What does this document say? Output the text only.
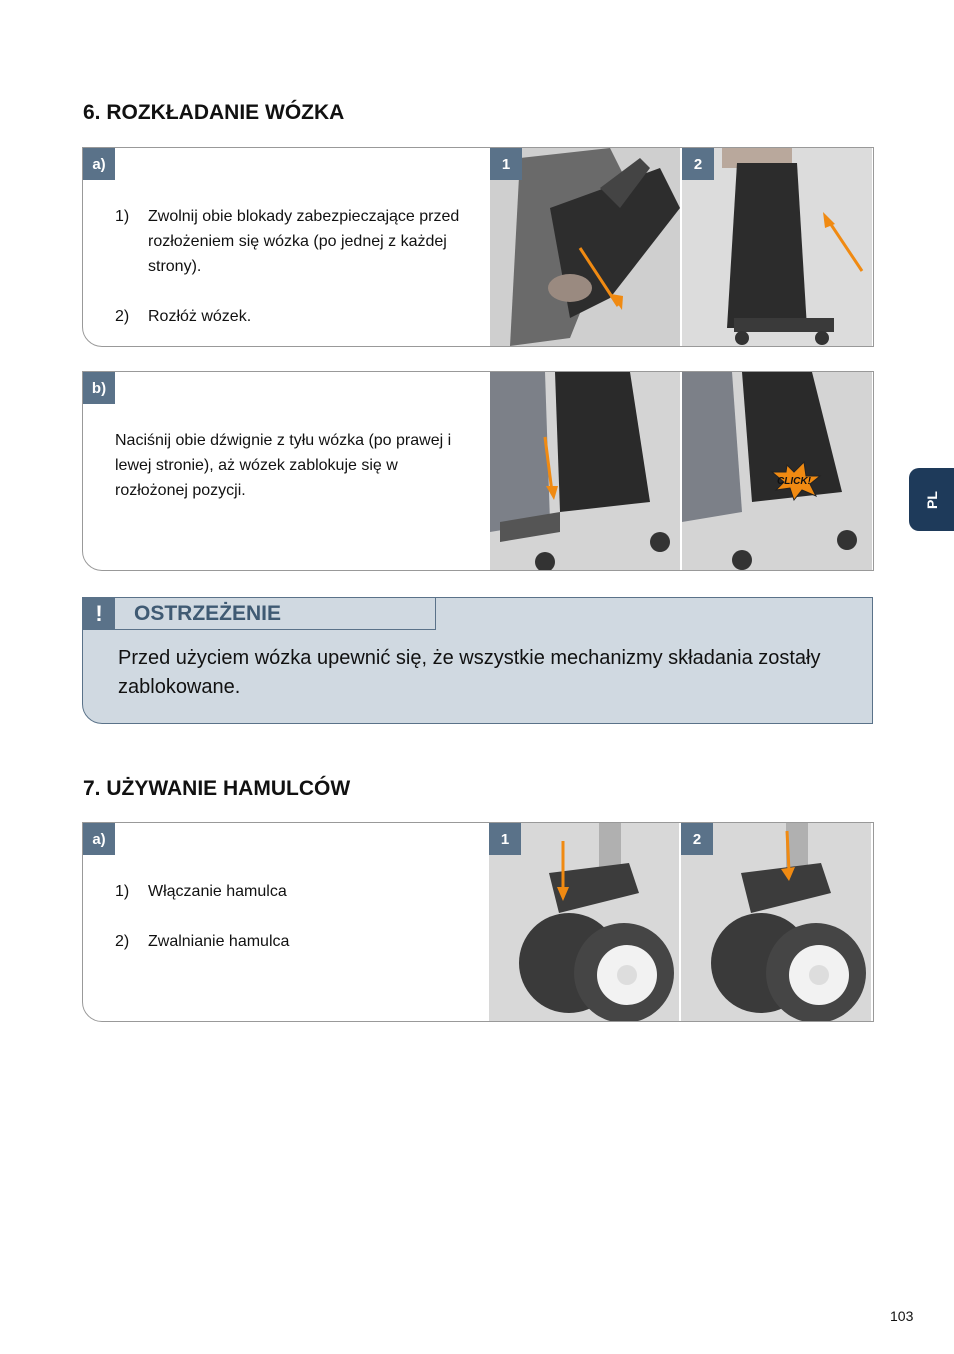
6. ROZKŁADANIE WÓZKA
a)
1)	Zwolnij obie blokady zabezpieczające przed rozłożeniem się wózka (po jednej z każdej strony).
2)	Rozłóż wózek.
1	2
b)
Naciśnij obie dźwignie z tyłu wózka (po prawej i lewej stronie), aż wózek zablokuje się w rozłożonej pozycji.
CLICK!
!	OSTRZEŻENIE
Przed użyciem wózka upewnić się, że wszystkie mechanizmy składania zostały zablokowane.
7. UŻYWANIE HAMULCÓW
a)
1)	Włączanie hamulca
2)	Zwalnianie hamulca
1	2
PL
103
